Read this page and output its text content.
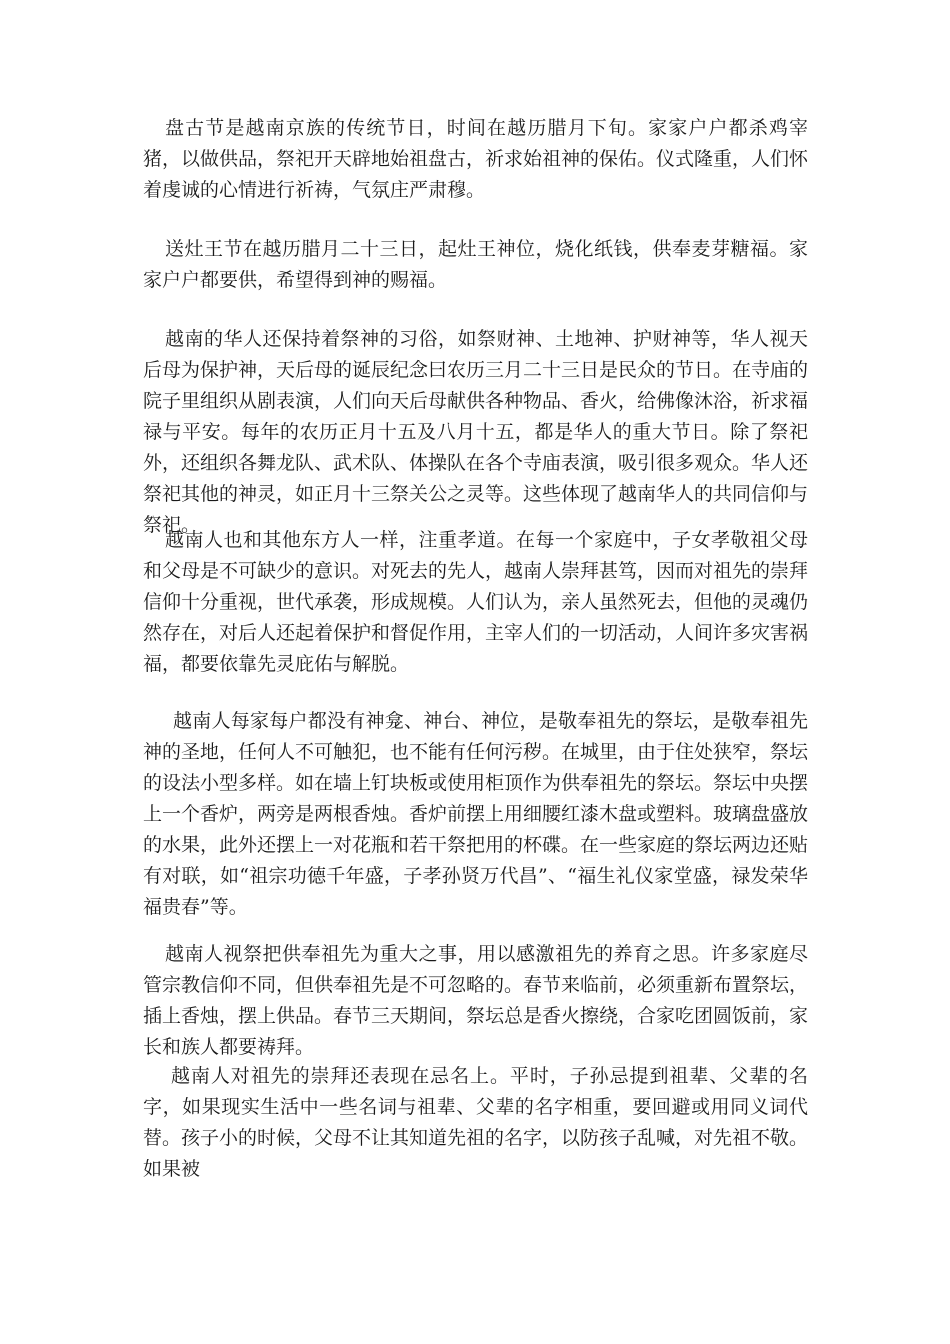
盘古节是越南京族的传统节日，时间在越历腊月下旬。家家户户都杀鸡宰猪，以做供品，祭祀开天辟地始祖盘古，祈求始祖神的保佑。仪式隆重，人们怀着虔诚的心情进行祈祷，气氛庄严肃穆。

送灶王节在越历腊月二十三日，起灶王神位，烧化纸钱，供奉麦芽糖福。家家户户都要供，希望得到神的赐福。

越南的华人还保持着祭神的习俗，如祭财神、土地神、护财神等，华人视天后母为保护神，天后母的诞辰纪念曰农历三月二十三日是民众的节日。在寺庙的院子里组织从剧表演，人们向天后母献供各种物品、香火，给佛像沐浴，祈求福禄与平安。每年的农历正月十五及八月十五，都是华人的重大节日。除了祭祀外，还组织各舞龙队、武术队、体操队在各个寺庙表演，吸引很多观众。华人还祭祀其他的神灵，如正月十三祭关公之灵等。这些体现了越南华人的共同信仰与祭祀。

越南人也和其他东方人一样，注重孝道。在每一个家庭中，子女孝敬祖父母和父母是不可缺少的意识。对死去的先人，越南人崇拜甚笃，因而对祖先的崇拜信仰十分重视，世代承袭，形成规模。人们认为，亲人虽然死去，但他的灵魂仍然存在，对后人还起着保护和督促作用，主宰人们的一切活动，人间许多灾害祸福，都要依靠先灵庇佑与解脱。

越南人每家每户都没有神龛、神台、神位，是敬奉祖先的祭坛，是敬奉祖先神的圣地，任何人不可触犯，也不能有任何污秽。在城里，由于住处狭窄，祭坛的设法小型多样。如在墙上钉块板或使用柜顶作为供奉祖先的祭坛。祭坛中央摆上一个香炉，两旁是两根香烛。香炉前摆上用细腰红漆木盘或塑料。玻璃盘盛放的水果，此外还摆上一对花瓶和若干祭把用的杯碟。在一些家庭的祭坛两边还贴有对联，如“祖宗功德千年盛，子孝孙贤万代昌”、“福生礼仪家堂盛，禄发荣华福贵春”等。

越南人视祭把供奉祖先为重大之事，用以感激祖先的养育之思。许多家庭尽管宗教信仰不同，但供奉祖先是不可忽略的。春节来临前，必须重新布置祭坛，插上香烛，摆上供品。春节三天期间，祭坛总是香火擦绕，合家吃团圆饭前，家长和族人都要祷拜。

越南人对祖先的崇拜还表现在忌名上。平时，子孙忌提到祖辈、父辈的名字，如果现实生活中一些名词与祖辈、父辈的名字相重，要回避或用同义词代替。孩子小的时候，父母不让其知道先祖的名字，以防孩子乱喊，对先祖不敬。如果被
